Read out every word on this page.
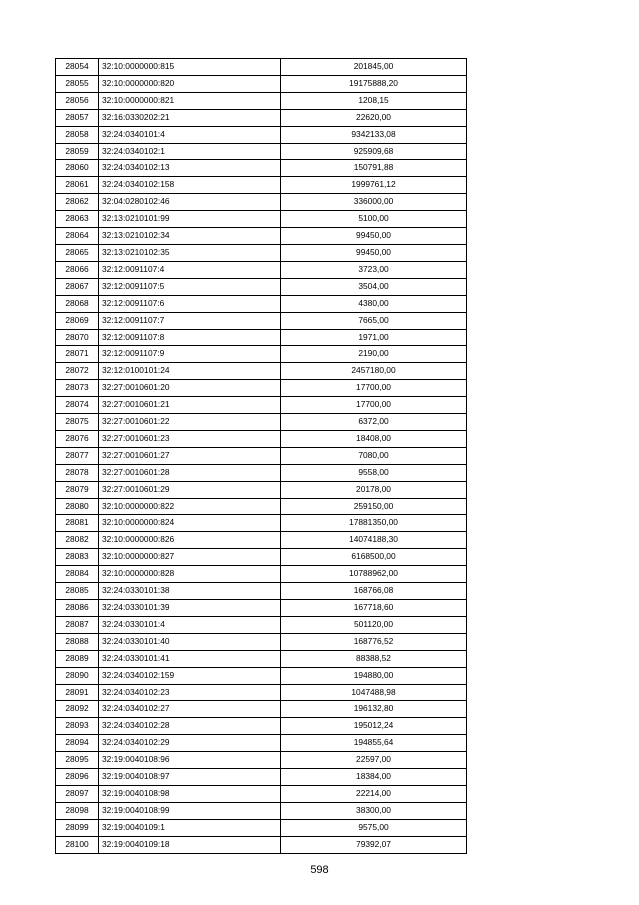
28054	32:10:0000000:815	201845,00
28055	32:10:0000000:820	19175888,20
28056	32:10:0000000:821	1208,15
28057	32:16:0330202:21	22620,00
28058	32:24:0340101:4	9342133,08
28059	32:24:0340102:1	925909,68
28060	32:24:0340102:13	150791,88
28061	32:24:0340102:158	1999761,12
28062	32:04:0280102:46	336000,00
28063	32:13:0210101:99	5100,00
28064	32:13:0210102:34	99450,00
28065	32:13:0210102:35	99450,00
28066	32:12:0091107:4	3723,00
28067	32:12:0091107:5	3504,00
28068	32:12:0091107:6	4380,00
28069	32:12:0091107:7	7665,00
28070	32:12:0091107:8	1971,00
28071	32:12:0091107:9	2190,00
28072	32:12:0100101:24	2457180,00
28073	32:27:0010601:20	17700,00
28074	32:27:0010601:21	17700,00
28075	32:27:0010601:22	6372,00
28076	32:27:0010601:23	18408,00
28077	32:27:0010601:27	7080,00
28078	32:27:0010601:28	9558,00
28079	32:27:0010601:29	20178,00
28080	32:10:0000000:822	259150,00
28081	32:10:0000000:824	17881350,00
28082	32:10:0000000:826	14074188,30
28083	32:10:0000000:827	6168500,00
28084	32:10:0000000:828	10788962,00
28085	32:24:0330101:38	168766,08
28086	32:24:0330101:39	167718,60
28087	32:24:0330101:4	501120,00
28088	32:24:0330101:40	168776,52
28089	32:24:0330101:41	88388,52
28090	32:24:0340102:159	194880,00
28091	32:24:0340102:23	1047488,98
28092	32:24:0340102:27	196132,80
28093	32:24:0340102:28	195012,24
28094	32:24:0340102:29	194855,64
28095	32:19:0040108:96	22597,00
28096	32:19:0040108:97	18384,00
28097	32:19:0040108:98	22214,00
28098	32:19:0040108:99	38300,00
28099	32:19:0040109:1	9575,00
28100	32:19:0040109:18	79392,07
598
